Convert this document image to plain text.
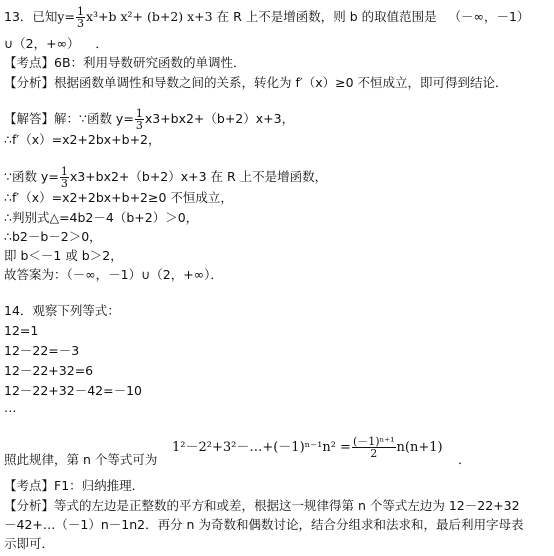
13．已知$y= \frac{1}{3} x^3+b$ x²+ (b+2) x+3 在 R 上不是增函数，则 b 的取值范围是 （－∞，－1）
∪（2，+∞） ．
【考点】6B：利用导数研究函数的单调性．
【分析】根据函数单调性和导数之间的关系，转化为 f′（x）≥0 不恒成立，即可得到结论．
【解答】解：∵函数 $y= \frac{1}{3} x3+bx2+(b+2)x+3$，
∴f′（x）=x2+2bx+b+2，
∵函数 $y= \frac{1}{3} x3+bx2+(b+2)x+3$ 在 R 上不是增函数，
∴f′（x）=x2+2bx+b+2≥0 不恒成立，
∴判别式△=4b2－4（b+2）＞0，
∴b2－b－2＞0，
即 b＜－1 或 b＞2，
故答案为：（－∞，－1）∪（2，+∞）．
14．观察下列等式：
12=1
12－22=－3
12－22+32=6
12－22+32－42=－10
…
照此规律，第 n 个等式可为
1²－2²+3²－…+(－1)ⁿ⁻¹n² = $\frac{\text{(－1)ⁿ⁺¹}}{2} n(n+1)$
．
【考点】F1：归纳推理．
【分析】等式的左边是正整数的平方和或差，根据这一规律得第 n 个等式左边为 12－22+32
－42+…（－1）n－1n2．再分 n 为奇数和偶数讨论，结合分组求和法求和，最后利用字母表
示即可．
